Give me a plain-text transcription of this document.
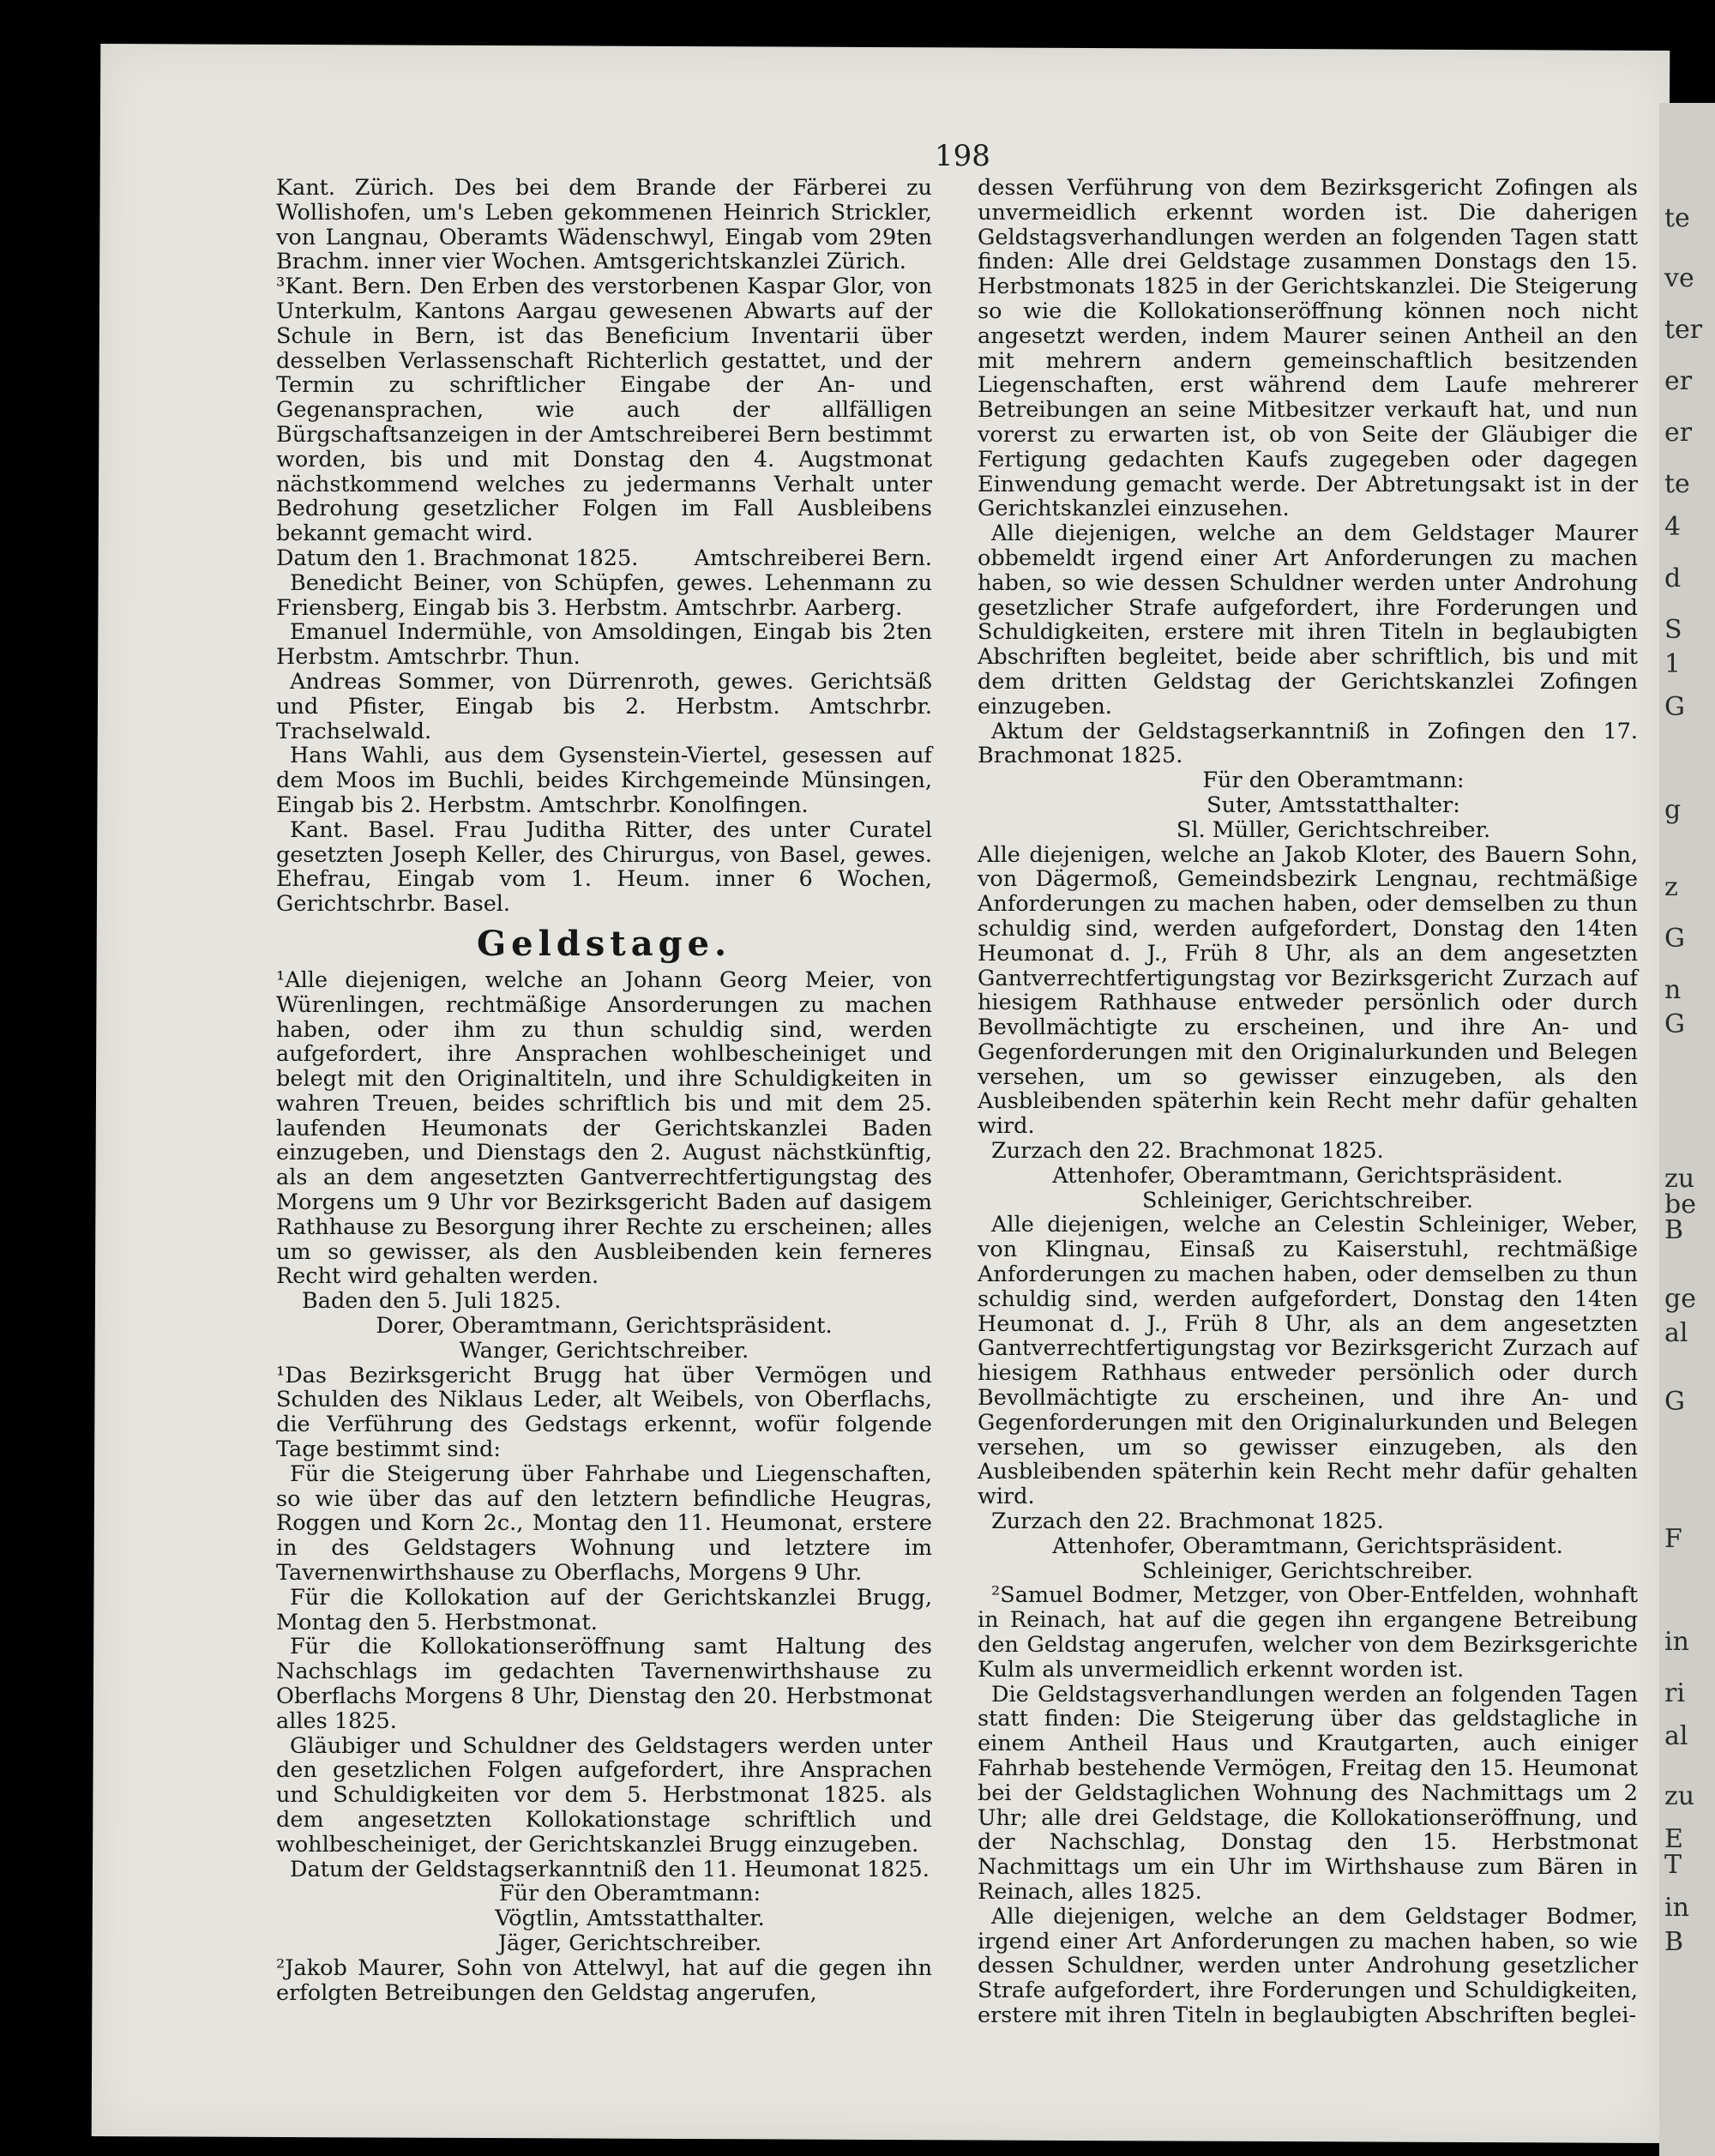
te
ve
ter
er
er
te
4
d
S
1
G
g
z
G
n
G
zu
be
B
ge
al
G
F
in
ri
al
zu
E
T
in
B
198

Kant. Zürich. Des bei dem Brande der Färberei zu Wollishofen, um's Leben gekommenen Heinrich Strickler, von Langnau, Oberamts Wädenschwyl, Eingab vom 29ten Brachm. inner vier Wochen. Amtsgerichtskanzlei Zürich.

³Kant. Bern. Den Erben des verstorbenen Kaspar Glor, von Unterkulm, Kantons Aargau gewesenen Abwarts auf der Schule in Bern, ist das Beneficium Inventarii über desselben Verlassenschaft Richterlich gestattet, und der Termin zu schriftlicher Eingabe der An- und Gegenansprachen, wie auch der allfälligen Bürgschaftsanzeigen in der Amtschreiberei Bern bestimmt worden, bis und mit Donstag den 4. Augstmonat nächstkommend welches zu jedermanns Verhalt unter Bedrohung gesetzlicher Folgen im Fall Ausbleibens bekannt gemacht wird.

Datum den 1. Brachmonat 1825.	Amtschreiberei Bern.

Benedicht Beiner, von Schüpfen, gewes. Lehenmann zu Friensberg, Eingab bis 3. Herbstm. Amtschrbr. Aarberg.

Emanuel Indermühle, von Amsoldingen, Eingab bis 2ten Herbstm. Amtschrbr. Thun.

Andreas Sommer, von Dürrenroth, gewes. Gerichtsäß und Pfister, Eingab bis 2. Herbstm. Amtschrbr. Trachselwald.

Hans Wahli, aus dem Gysenstein-Viertel, gesessen auf dem Moos im Buchli, beides Kirchgemeinde Münsingen, Eingab bis 2. Herbstm. Amtschrbr. Konolfingen.

Kant. Basel. Frau Juditha Ritter, des unter Curatel gesetzten Joseph Keller, des Chirurgus, von Basel, gewes. Ehefrau, Eingab vom 1. Heum. inner 6 Wochen, Gerichtschrbr. Basel.

Geldstage.

¹Alle diejenigen, welche an Johann Georg Meier, von Würenlingen, rechtmäßige Ansorderungen zu machen haben, oder ihm zu thun schuldig sind, werden aufgefordert, ihre Ansprachen wohlbescheiniget und belegt mit den Originaltiteln, und ihre Schuldigkeiten in wahren Treuen, beides schriftlich bis und mit dem 25. laufenden Heumonats der Gerichtskanzlei Baden einzugeben, und Dienstags den 2. August nächstkünftig, als an dem angesetzten Gantverrechtfertigungstag des Morgens um 9 Uhr vor Bezirksgericht Baden auf dasigem Rathhause zu Besorgung ihrer Rechte zu erscheinen; alles um so gewisser, als den Ausbleibenden kein ferneres Recht wird gehalten werden.

Baden den 5. Juli 1825.

Dorer, Oberamtmann, Gerichtspräsident.

Wanger, Gerichtschreiber.

¹Das Bezirksgericht Brugg hat über Vermögen und Schulden des Niklaus Leder, alt Weibels, von Oberflachs, die Verführung des Gedstags erkennt, wofür folgende Tage bestimmt sind:

Für die Steigerung über Fahrhabe und Liegenschaften, so wie über das auf den letztern befindliche Heugras, Roggen und Korn 2c., Montag den 11. Heumonat, erstere in des Geldstagers Wohnung und letztere im Tavernenwirthshause zu Oberflachs, Morgens 9 Uhr.

Für die Kollokation auf der Gerichtskanzlei Brugg, Montag den 5. Herbstmonat.

Für die Kollokationseröffnung samt Haltung des Nachschlags im gedachten Tavernenwirthshause zu Oberflachs Morgens 8 Uhr, Dienstag den 20. Herbstmonat alles 1825.

Gläubiger und Schuldner des Geldstagers werden unter den gesetzlichen Folgen aufgefordert, ihre Ansprachen und Schuldigkeiten vor dem 5. Herbstmonat 1825. als dem angesetzten Kollokationstage schriftlich und wohlbescheiniget, der Gerichtskanzlei Brugg einzugeben.

Datum der Geldstagserkanntniß den 11. Heumonat 1825.

Für den Oberamtmann:

Vögtlin, Amtsstatthalter.

Jäger, Gerichtschreiber.

²Jakob Maurer, Sohn von Attelwyl, hat auf die gegen ihn erfolgten Betreibungen den Geldstag angerufen,

dessen Verführung von dem Bezirksgericht Zofingen als unvermeidlich erkennt worden ist. Die daherigen Geldstagsverhandlungen werden an folgenden Tagen statt finden: Alle drei Geldstage zusammen Donstags den 15. Herbstmonats 1825 in der Gerichtskanzlei. Die Steigerung so wie die Kollokationseröffnung können noch nicht angesetzt werden, indem Maurer seinen Antheil an den mit mehrern andern gemeinschaftlich besitzenden Liegenschaften, erst während dem Laufe mehrerer Betreibungen an seine Mitbesitzer verkauft hat, und nun vorerst zu erwarten ist, ob von Seite der Gläubiger die Fertigung gedachten Kaufs zugegeben oder dagegen Einwendung gemacht werde. Der Abtretungsakt ist in der Gerichtskanzlei einzusehen.

Alle diejenigen, welche an dem Geldstager Maurer obbemeldt irgend einer Art Anforderungen zu machen haben, so wie dessen Schuldner werden unter Androhung gesetzlicher Strafe aufgefordert, ihre Forderungen und Schuldigkeiten, erstere mit ihren Titeln in beglaubigten Abschriften begleitet, beide aber schriftlich, bis und mit dem dritten Geldstag der Gerichtskanzlei Zofingen einzugeben.

Aktum der Geldstagserkanntniß in Zofingen den 17. Brachmonat 1825.

Für den Oberamtmann:

Suter, Amtsstatthalter:

Sl. Müller, Gerichtschreiber.

Alle diejenigen, welche an Jakob Kloter, des Bauern Sohn, von Dägermoß, Gemeindsbezirk Lengnau, rechtmäßige Anforderungen zu machen haben, oder demselben zu thun schuldig sind, werden aufgefordert, Donstag den 14ten Heumonat d. J., Früh 8 Uhr, als an dem angesetzten Gantverrechtfertigungstag vor Bezirksgericht Zurzach auf hiesigem Rathhause entweder persönlich oder durch Bevollmächtigte zu erscheinen, und ihre An- und Gegenforderungen mit den Originalurkunden und Belegen versehen, um so gewisser einzugeben, als den Ausbleibenden späterhin kein Recht mehr dafür gehalten wird.

Zurzach den 22. Brachmonat 1825.

Attenhofer, Oberamtmann, Gerichtspräsident.

Schleiniger, Gerichtschreiber.

Alle diejenigen, welche an Celestin Schleiniger, Weber, von Klingnau, Einsaß zu Kaiserstuhl, rechtmäßige Anforderungen zu machen haben, oder demselben zu thun schuldig sind, werden aufgefordert, Donstag den 14ten Heumonat d. J., Früh 8 Uhr, als an dem angesetzten Gantverrechtfertigungstag vor Bezirksgericht Zurzach auf hiesigem Rathhaus entweder persönlich oder durch Bevollmächtigte zu erscheinen, und ihre An- und Gegenforderungen mit den Originalurkunden und Belegen versehen, um so gewisser einzugeben, als den Ausbleibenden späterhin kein Recht mehr dafür gehalten wird.

Zurzach den 22. Brachmonat 1825.

Attenhofer, Oberamtmann, Gerichtspräsident.

Schleiniger, Gerichtschreiber.

²Samuel Bodmer, Metzger, von Ober-Entfelden, wohnhaft in Reinach, hat auf die gegen ihn ergangene Betreibung den Geldstag angerufen, welcher von dem Bezirksgerichte Kulm als unvermeidlich erkennt worden ist.

Die Geldstagsverhandlungen werden an folgenden Tagen statt finden: Die Steigerung über das geldstagliche in einem Antheil Haus und Krautgarten, auch einiger Fahrhab bestehende Vermögen, Freitag den 15. Heumonat bei der Geldstaglichen Wohnung des Nachmittags um 2 Uhr; alle drei Geldstage, die Kollokationseröffnung, und der Nachschlag, Donstag den 15. Herbstmonat Nachmittags um ein Uhr im Wirthshause zum Bären in Reinach, alles 1825.

Alle diejenigen, welche an dem Geldstager Bodmer, irgend einer Art Anforderungen zu machen haben, so wie dessen Schuldner, werden unter Androhung gesetzlicher Strafe aufgefordert, ihre Forderungen und Schuldigkeiten, erstere mit ihren Titeln in beglaubigten Abschriften beglei-
